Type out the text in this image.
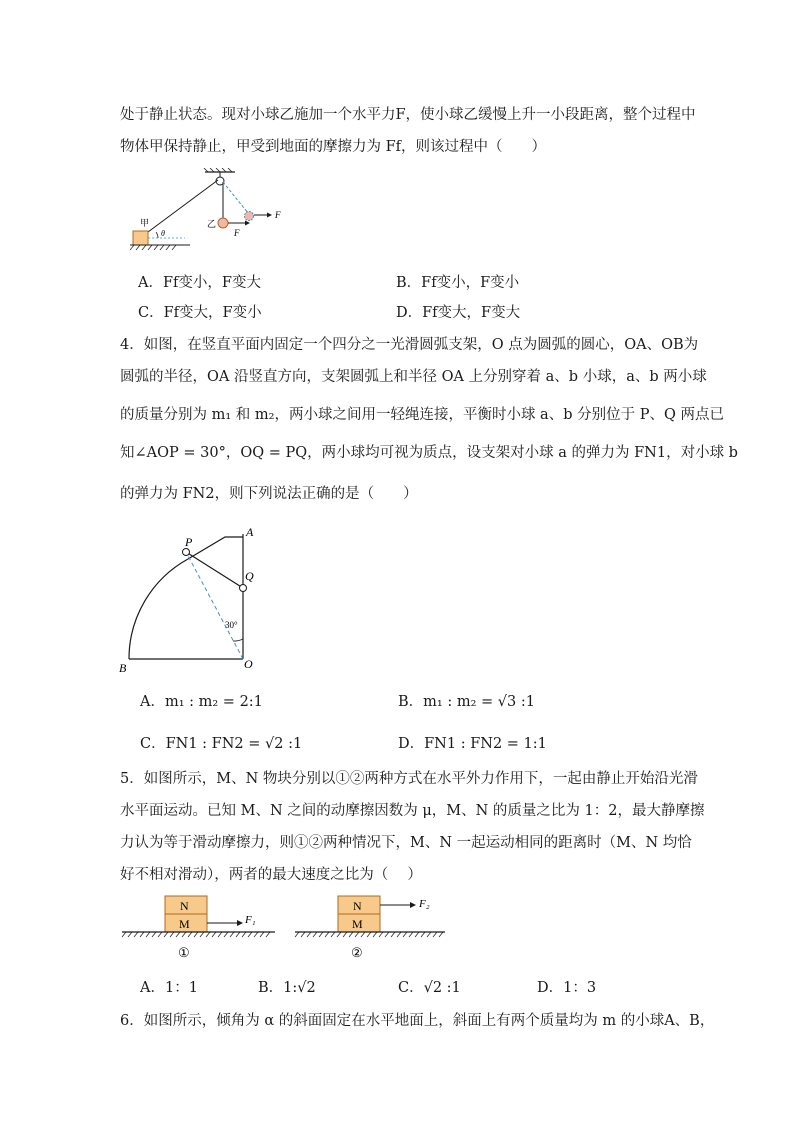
处于静止状态。现对小球乙施加一个水平力F，使小球乙缓慢上升一小段距离，整个过程中
物体甲保持静止，甲受到地面的摩擦力为 Ff，则该过程中（　　）
F
F
乙
甲
θ
A．Ff变小，F变大	B．Ff变小，F变小
C．Ff变大，F变小	D．Ff变大，F变大
4．如图，在竖直平面内固定一个四分之一光滑圆弧支架，O 点为圆弧的圆心，OA、OB为
圆弧的半径，OA 沿竖直方向，支架圆弧上和半径 OA 上分别穿着 a、b 小球，a、b 两小球
的质量分别为 m₁ 和 m₂，两小球之间用一轻绳连接，平衡时小球 a、b 分别位于 P、Q 两点已
知∠AOP = 30°，OQ = PQ，两小球均可视为质点，设支架对小球 a 的弹力为 FN1，对小球 b
的弹力为 FN2，则下列说法正确的是（　　）
30°
A
P
Q
O
B
A．m₁ : m₂ = 2:1	B．m₁ : m₂ = √3 :1
C．FN1 : FN2 = √2 :1	D．FN1 : FN2 = 1:1
5．如图所示，M、N 物块分别以①②两种方式在水平外力作用下，一起由静止开始沿光滑
水平面运动。已知 M、N 之间的动摩擦因数为 μ，M、N 的质量之比为 1：2，最大静摩擦
力认为等于滑动摩擦力，则①②两种情况下，M、N 一起运动相同的距离时（M、N 均恰
好不相对滑动），两者的最大速度之比为（　 ）
N
M	F₁
①
N
M
F₂
②
A．1：1	B．1:√2	C．√2 :1	D．1：3
6．如图所示，倾角为 α 的斜面固定在水平地面上，斜面上有两个质量均为 m 的小球A、B，
